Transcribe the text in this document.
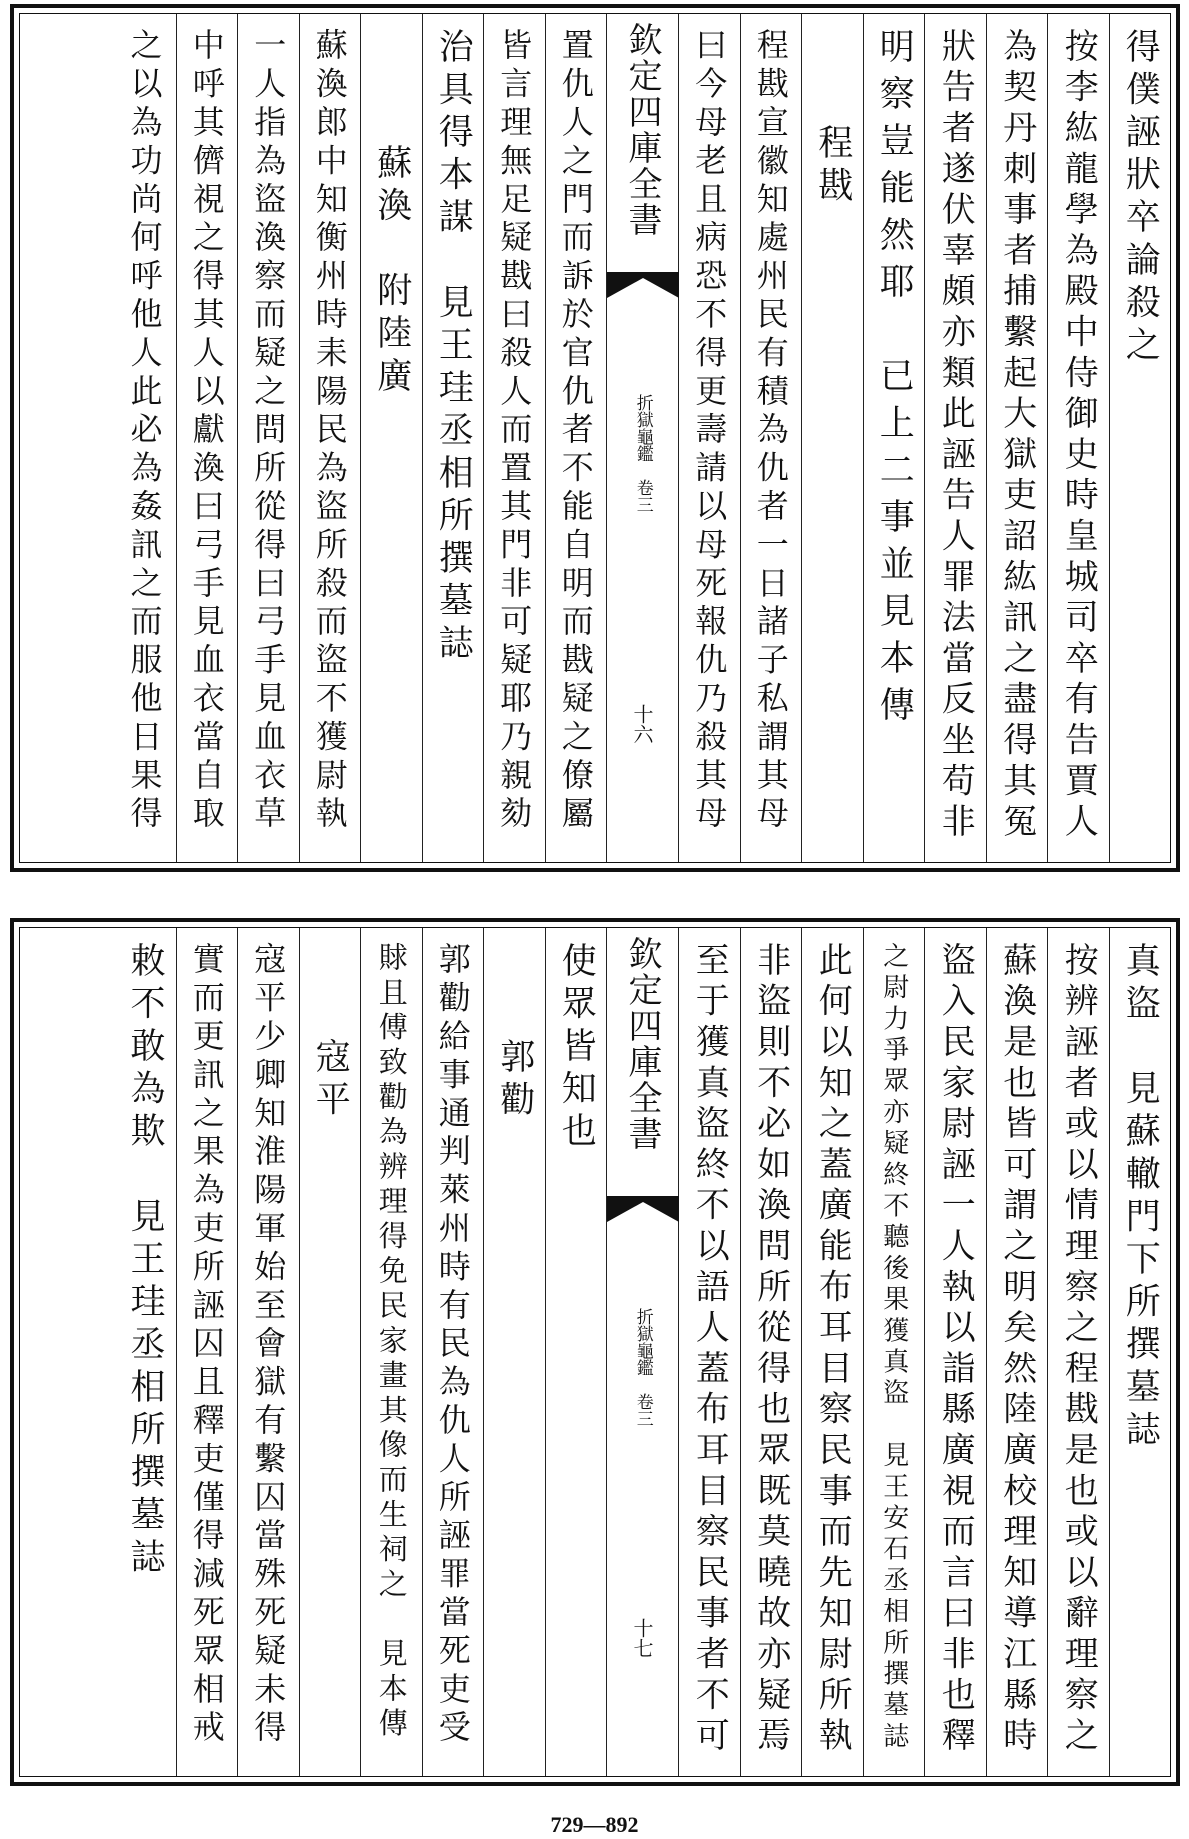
得僕誣狀卒論殺之
按李紘龍學為殿中侍御史時皇城司卒有告賈人
為契丹刺事者捕繫起大獄吏詔紘訊之盡得其冤
狀告者遂伏辜頗亦類此誣告人罪法當反坐苟非
明察豈能然耶　已上二事並見本傳
程戡
程戡宣徽知處州民有積為仇者一日諸子私謂其母
曰今母老且病恐不得更壽請以母死報仇乃殺其母
欽定四庫全書
折獄龜鑑　卷三
十六
置仇人之門而訴於官仇者不能自明而戡疑之僚屬
皆言理無足疑戡曰殺人而置其門非可疑耶乃親劾
治具得本謀　見王珪丞相所撰墓誌
蘇渙　附陸廣
蘇渙郎中知衡州時耒陽民為盜所殺而盜不獲尉執
一人指為盜渙察而疑之問所從得曰弓手見血衣草
中呼其儕視之得其人以獻渙曰弓手見血衣當自取
之以為功尚何呼他人此必為姦訊之而服他日果得
真盜　見蘇轍門下所撰墓誌
按辨誣者或以情理察之程戡是也或以辭理察之
蘇渙是也皆可謂之明矣然陸廣校理知導江縣時
盜入民家尉誣一人執以詣縣廣視而言曰非也釋
之尉力爭眾亦疑終不聽後果獲真盜　見王安石丞相所撰墓誌
此何以知之蓋廣能布耳目察民事而先知尉所執
非盜則不必如渙問所從得也眾既莫曉故亦疑焉
至于獲真盜終不以語人蓋布耳目察民事者不可
欽定四庫全書
折獄龜鑑　卷三
十七
使眾皆知也
郭勸
郭勸給事通判萊州時有民為仇人所誣罪當死吏受
賕且傅致勸為辨理得免民家畫其像而生祠之　見本傳
寇平
寇平少卿知淮陽軍始至會獄有繫囚當殊死疑未得
實而更訊之果為吏所誣囚且釋吏僅得減死眾相戒
敕不敢為欺　見王珪丞相所撰墓誌
729—892
